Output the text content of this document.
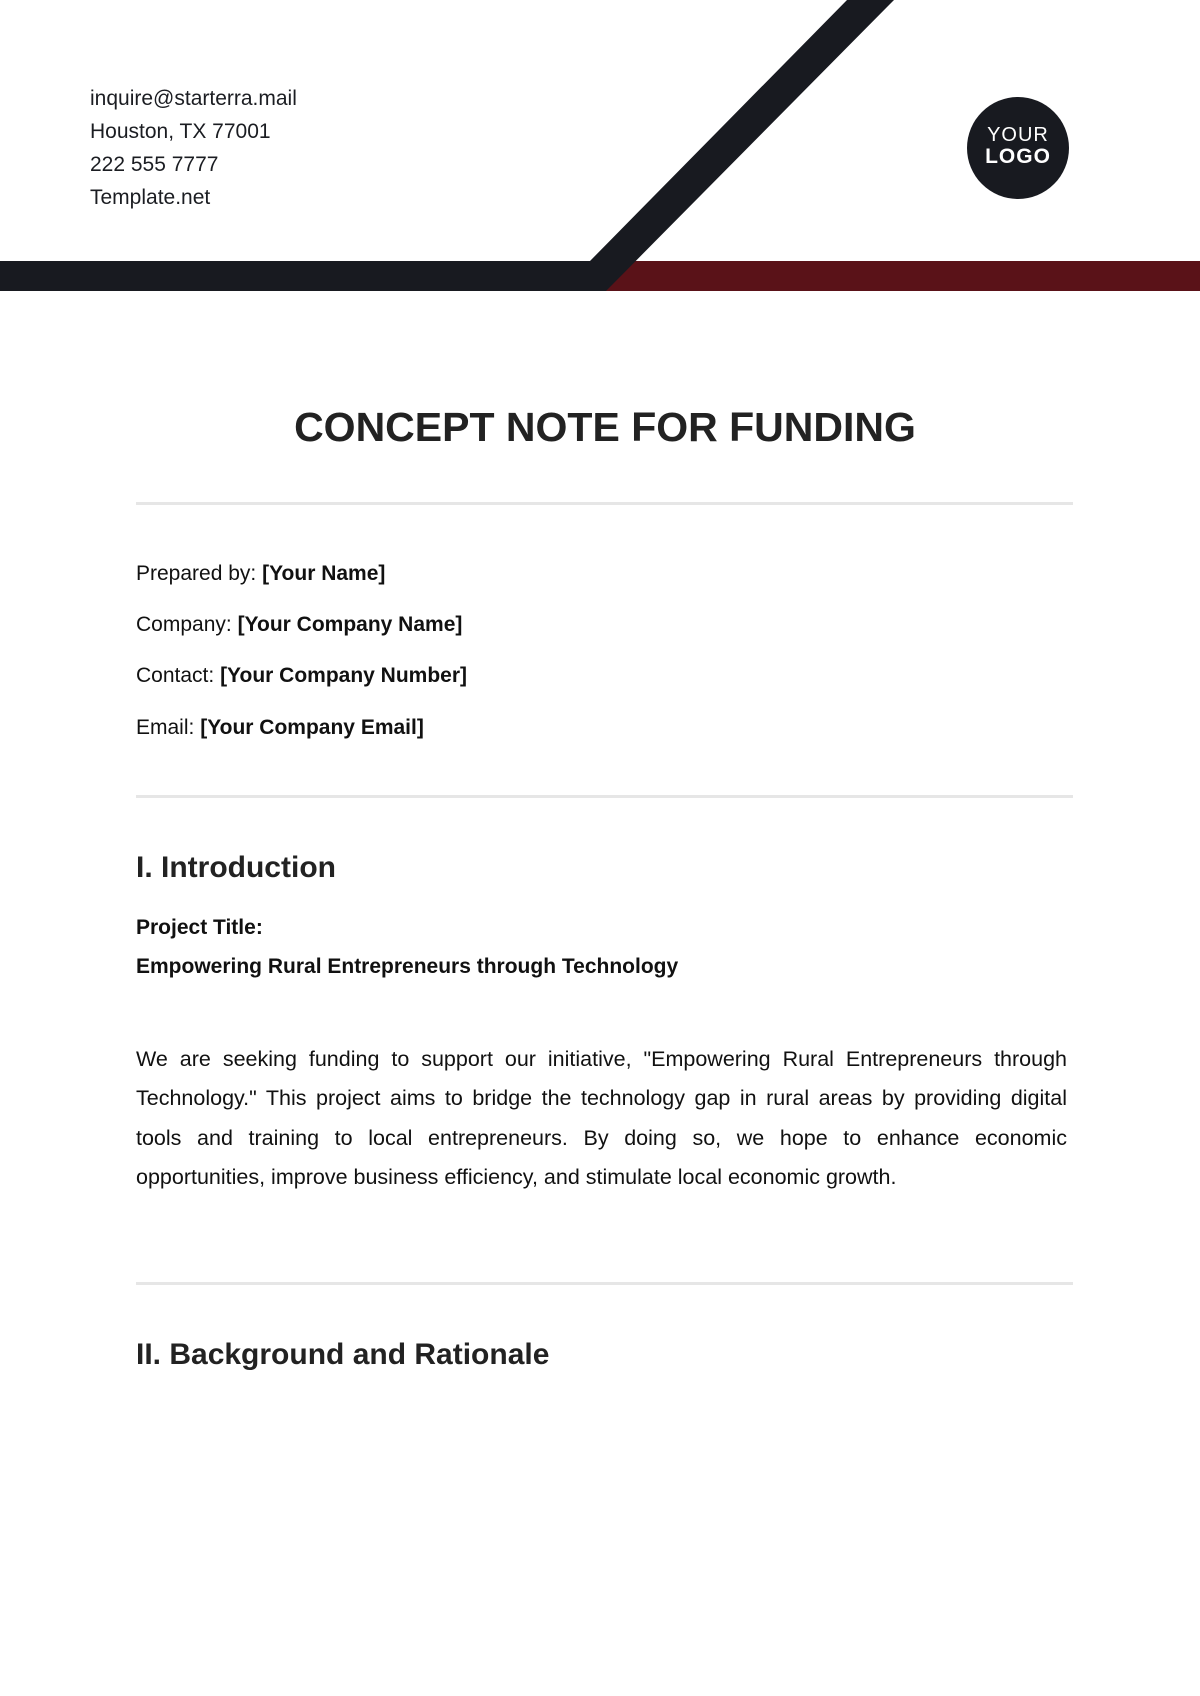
inquire@starterra.mail
Houston, TX 77001
222 555 7777
Template.net
YOUR
LOGO
CONCEPT NOTE FOR FUNDING
Prepared by: [Your Name]
Company: [Your Company Name]
Contact: [Your Company Number]
Email: [Your Company Email]
I. Introduction
Project Title:
Empowering Rural Entrepreneurs through Technology
We are seeking funding to support our initiative, "Empowering Rural Entrepreneurs through Technology." This project aims to bridge the technology gap in rural areas by providing digital tools and training to local entrepreneurs. By doing so, we hope to enhance economic opportunities, improve business efficiency, and stimulate local economic growth.
II. Background and Rationale
